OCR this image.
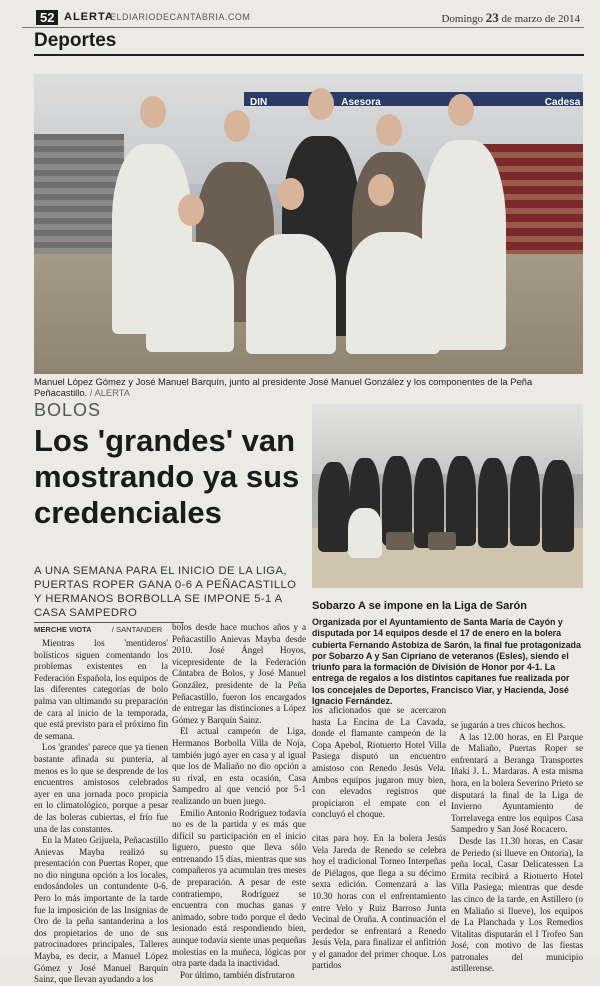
52 ALERTA
ELDIARIODECANTABRIA.COM	Domingo 23 de marzo de 2014
Deportes
DIN	Asesora	Cadesa
Manuel López Gómez y José Manuel Barquín, junto al presidente José Manuel González y los componentes de la Peña Peñacastillo. / ALERTA
BOLOS
Los 'grandes' van mostrando ya sus credenciales
A UNA SEMANA PARA EL INICIO DE LA LIGA, PUERTAS ROPER GANA 0-6 A PEÑACASTILLO Y HERMANOS BORBOLLA SE IMPONE 5-1 A CASA SAMPEDRO
Sobarzo A se impone en la Liga de Sarón
Organizada por el Ayuntamiento de Santa María de Cayón y disputada por 14 equipos desde el 17 de enero en la bolera cubierta Fernando Astobiza de Sarón, la final fue protagonizada por Sobarzo A y San Cipriano de veteranos (Esles), siendo el triunfo para la formación de División de Honor por 4-1. La entrega de regalos a los distintos capitanes fue realizada por los concejales de Deportes, Francisco Viar, y Hacienda, José Ignacio Fernández.
MERCHE VIOTA	/ SANTANDER

Mientras los 'mentideros' bolísticos siguen comentando los problemas existentes en la Federación Española, los equipos de las diferentes categorías de bolo palma van ultimando su preparación de cara al inicio de la temporada, que está previsto para el próximo fin de semana.

Los 'grandes' parece que ya tienen bastante afinada su puntería, al menos es lo que se desprende de los encuentros amistosos celebrados ayer en una jornada poco propicia en lo climatológico, porque a pesar de las boleras cubiertas, el frío fue una de las constantes.

En la Mateo Grijuela, Peñacastillo Anievas Mayba realizó su presentación con Puertas Roper, que no dio ninguna opción a los locales, endosándoles un contundente 0-6. Pero lo más importante de la tarde fue la imposición de las Insignias de Oro de la peña santanderina a los dos propietarios de uno de sus patrocinadores principales, Talleres Mayba, es decir, a Manuel López Gómez y José Manuel Barquín Sainz, que llevan ayudando a los

bolos desde hace muchos años y a Peñacastillo Anievas Mayba desde 2010. José Ángel Hoyos, vicepresidente de la Federación Cántabra de Bolos, y José Manuel González, presidente de la Peña Peñacastillo, fueron los encargados de entregar las distinciones a López Gómez y Barquín Sainz.

El actual campeón de Liga, Hermanos Borbolla Villa de Noja, también jugó ayer en casa y al igual que los de Maliaño no dio opción a su rival, en esta ocasión, Casa Sampedro al que venció por 5-1 realizando un buen juego.

Emilio Antonio Rodríguez todavía no es de la partida y es más que difícil su participación en el inicio liguero, puesto que lleva sólo entrenando 15 días, mientras que sus compañeros ya acumulan tres meses de preparación. A pesar de este contratiempo, Rodríguez se encuentra con muchas ganas y animado, sobre todo porque el dedo lesionado está respondiendo bien, aunque todavía siente unas pequeñas molestias en la muñeca, lógicas por otra parte dada la inactividad.

Por último, también disfrutaron

los aficionados que se acercaron hasta La Encina de La Cavada, donde el flamante campeón de la Copa Apebol, Riotuerto Hotel Villa Pasiega disputó un encuentro amistoso con Renedo Jesús Vela. Ambos equipos jugaron muy bien, con elevados registros que propiciaron el empate con el concluyó el choque.

citas para hoy. En la bolera Jesús Vela Jareda de Renedo se celebra hoy el tradicional Torneo Interpeñas de Piélagos, que llega a su décimo sexta edición. Comenzará a las 10.30 horas con el enfrentamiento entre Velo y Ruiz Barroso Junta Vecinal de Oruña. A continuación el perdedor se enfrentará a Renedo Jesús Vela, para finalizar el anfitrión y el ganador del primer choque. Los partidos

se jugarán a tres chicos hechos.

A las 12.00 horas, en El Parque de Maliaño, Puertas Roper se enfrentará a Beranga Transportes Iñaki J. L. Mardaras. A esta misma hora, en la bolera Severino Prieto se disputará la final de la Liga de Invierno Ayuntamiento de Torrelavega entre los equipos Casa Sampedro y San José Rocacero.

Desde las 11.30 horas, en Casar de Periedo (si llueve en Ontoria), la peña local, Casar Delicatessen La Ermita recibirá a Riotuerto Hotel Villa Pasiega; mientras que desde las cinco de la tarde, en Astillero (o en Maliaño si llueve), los equipos de La Planchada y Los Remedios Vitalitas disputarán el I Trofeo San José, con motivo de las fiestas patronales del municipio astillerense.
